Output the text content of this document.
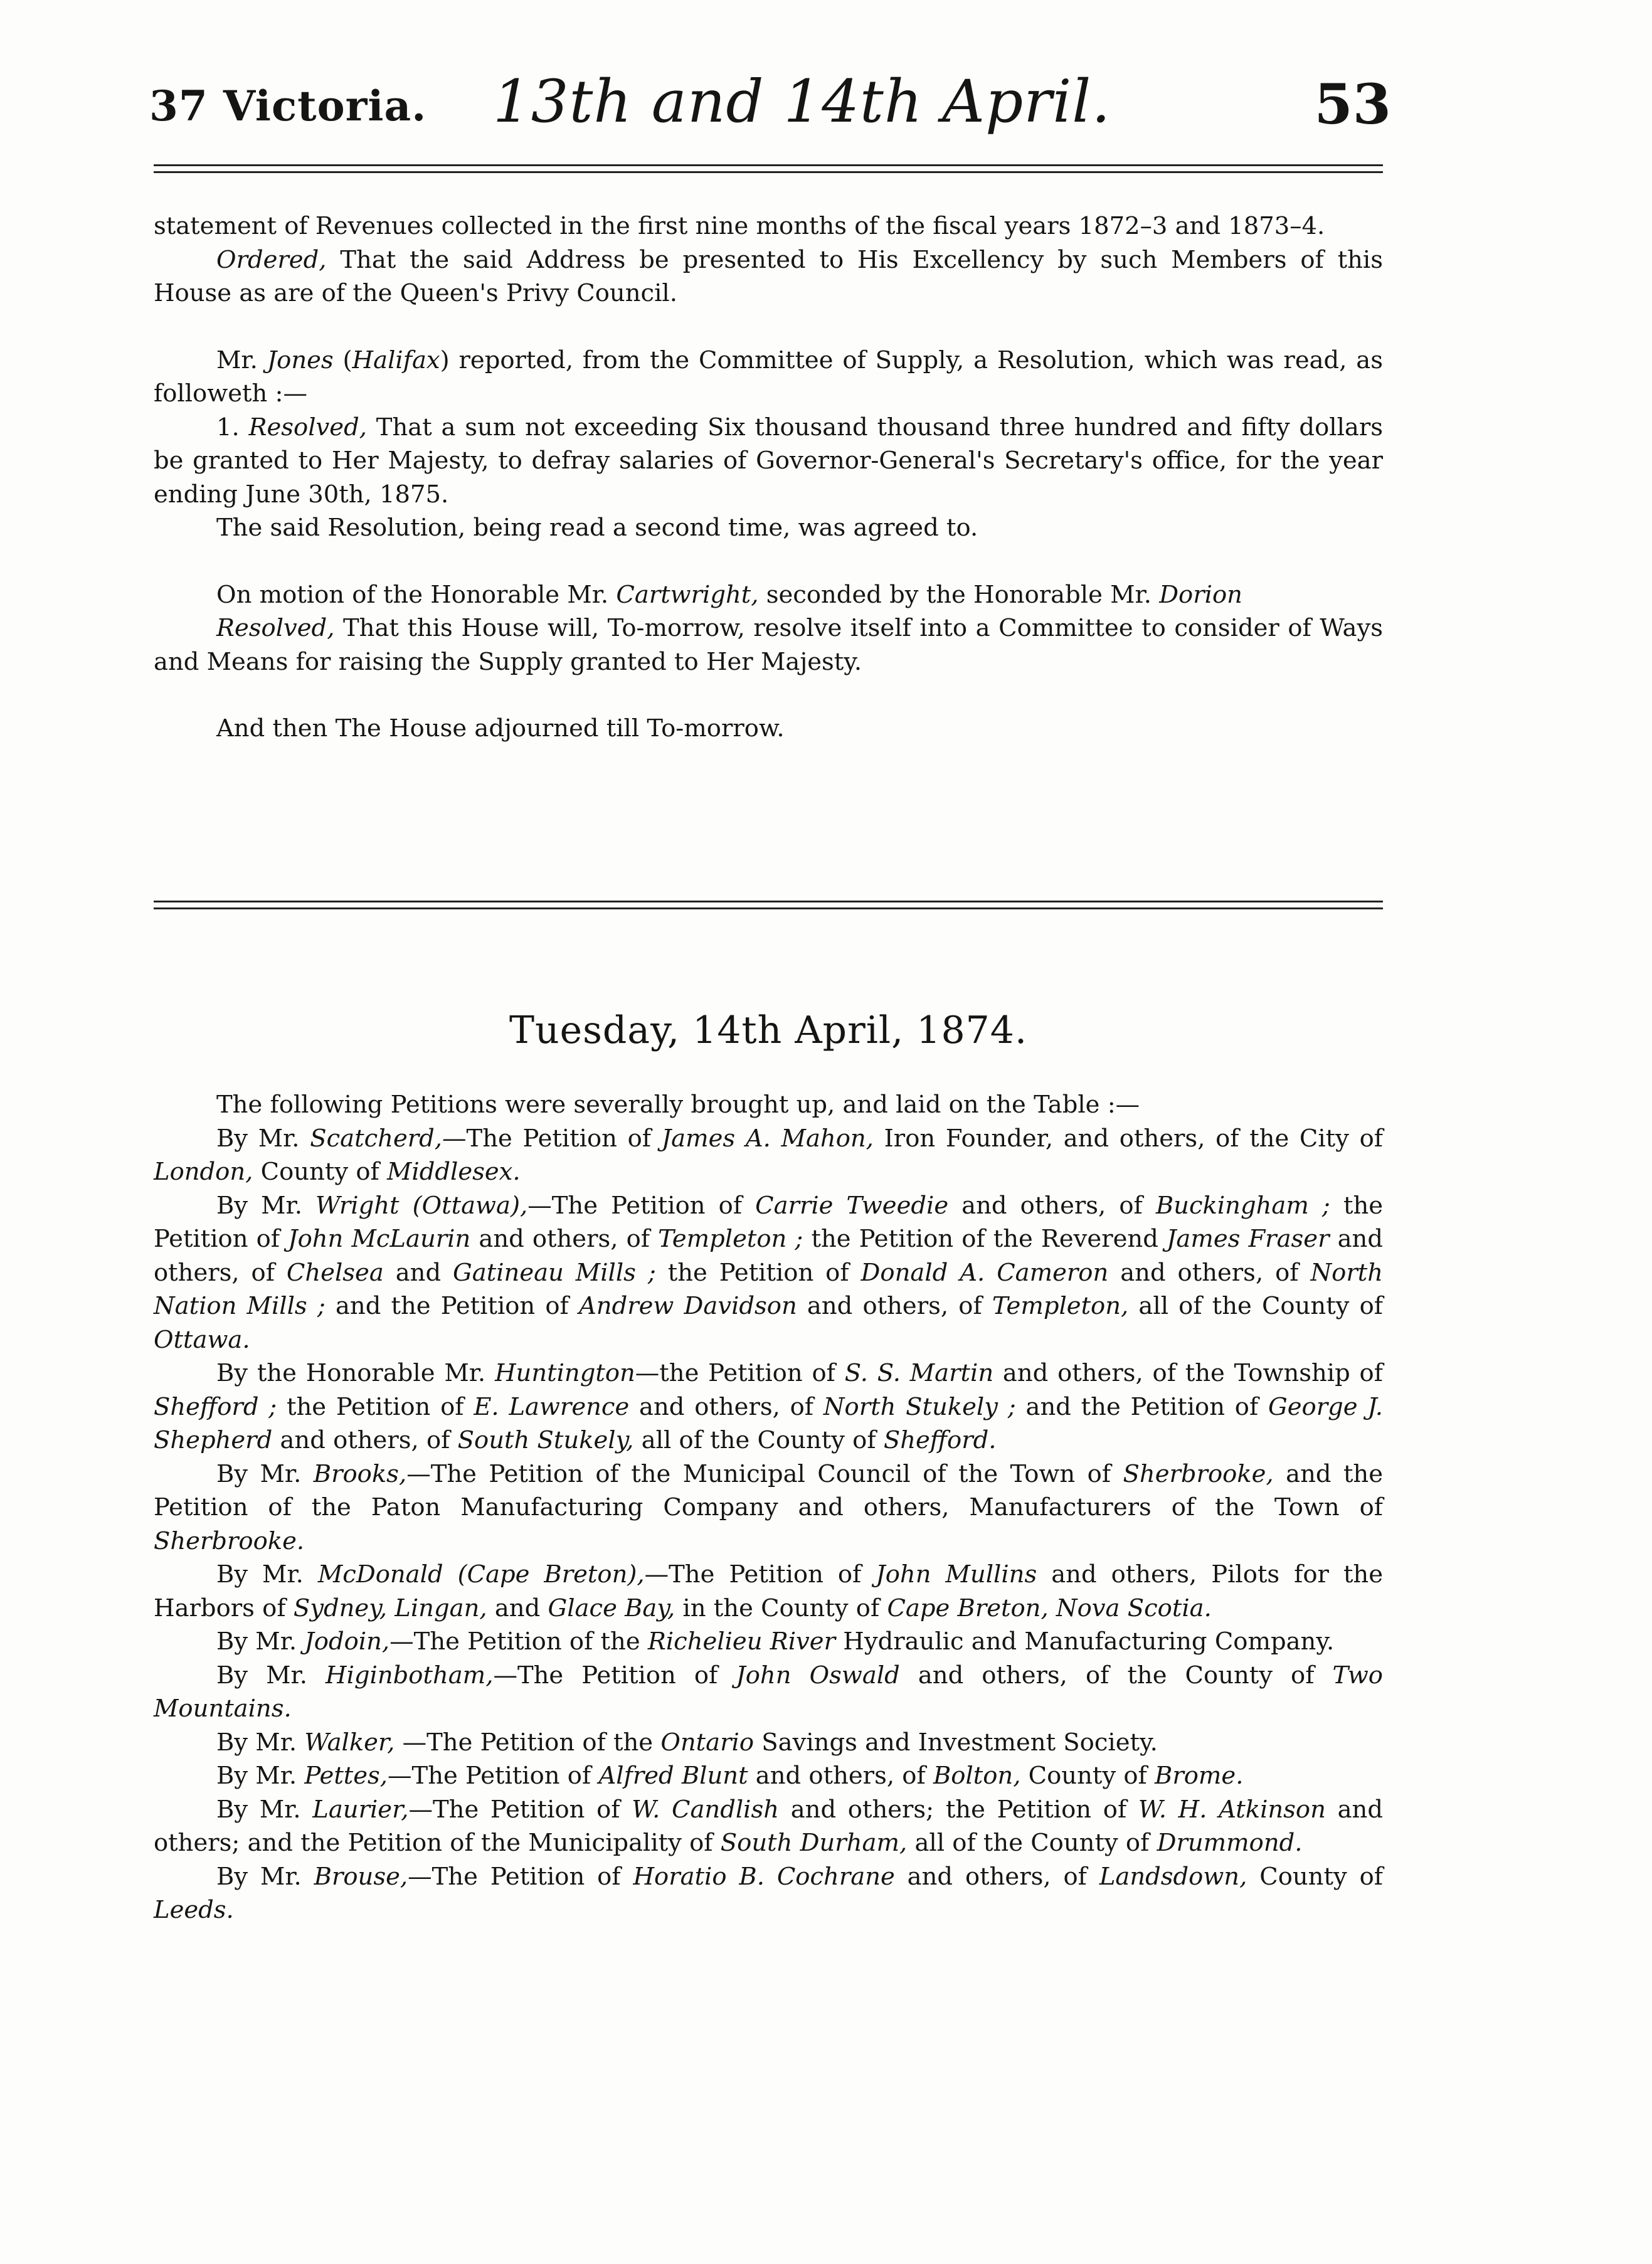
37 Victoria. 13th and 14th April.	53

statement of Revenues collected in the first nine months of the fiscal years 1872–3 and 1873–4.

Ordered, That the said Address be presented to His Excellency by such Members of this House as are of the Queen's Privy Council.

Mr. Jones (Halifax) reported, from the Committee of Supply, a Resolution, which was read, as followeth :—

1. Resolved, That a sum not exceeding Six thousand thousand three hundred and fifty dollars be granted to Her Majesty, to defray salaries of Governor-General's Secretary's office, for the year ending June 30th, 1875.

The said Resolution, being read a second time, was agreed to.

On motion of the Honorable Mr. Cartwright, seconded by the Honorable Mr. Dorion

Resolved, That this House will, To-morrow, resolve itself into a Committee to consider of Ways and Means for raising the Supply granted to Her Majesty.

And then The House adjourned till To-morrow.

Tuesday, 14th April, 1874.

The following Petitions were severally brought up, and laid on the Table :—

By Mr. Scatcherd,—The Petition of James A. Mahon, Iron Founder, and others, of the City of London, County of Middlesex.

By Mr. Wright (Ottawa),—The Petition of Carrie Tweedie and others, of Buckingham ; the Petition of John McLaurin and others, of Templeton ; the Petition of the Reverend James Fraser and others, of Chelsea and Gatineau Mills ; the Petition of Donald A. Cameron and others, of North Nation Mills ; and the Petition of Andrew Davidson and others, of Templeton, all of the County of Ottawa.

By the Honorable Mr. Huntington—the Petition of S. S. Martin and others, of the Township of Shefford ; the Petition of E. Lawrence and others, of North Stukely ; and the Petition of George J. Shepherd and others, of South Stukely, all of the County of Shefford.

By Mr. Brooks,—The Petition of the Municipal Council of the Town of Sherbrooke, and the Petition of the Paton Manufacturing Company and others, Manufacturers of the Town of Sherbrooke.

By Mr. McDonald (Cape Breton),—The Petition of John Mullins and others, Pilots for the Harbors of Sydney, Lingan, and Glace Bay, in the County of Cape Breton, Nova Scotia.

By Mr. Jodoin,—The Petition of the Richelieu River Hydraulic and Manufacturing Company.

By Mr. Higinbotham,—The Petition of John Oswald and others, of the County of Two Mountains.

By Mr. Walker, —The Petition of the Ontario Savings and Investment Society.

By Mr. Pettes,—The Petition of Alfred Blunt and others, of Bolton, County of Brome.

By Mr. Laurier,—The Petition of W. Candlish and others; the Petition of W. H. Atkinson and others; and the Petition of the Municipality of South Durham, all of the County of Drummond.

By Mr. Brouse,—The Petition of Horatio B. Cochrane and others, of Landsdown, County of Leeds.
